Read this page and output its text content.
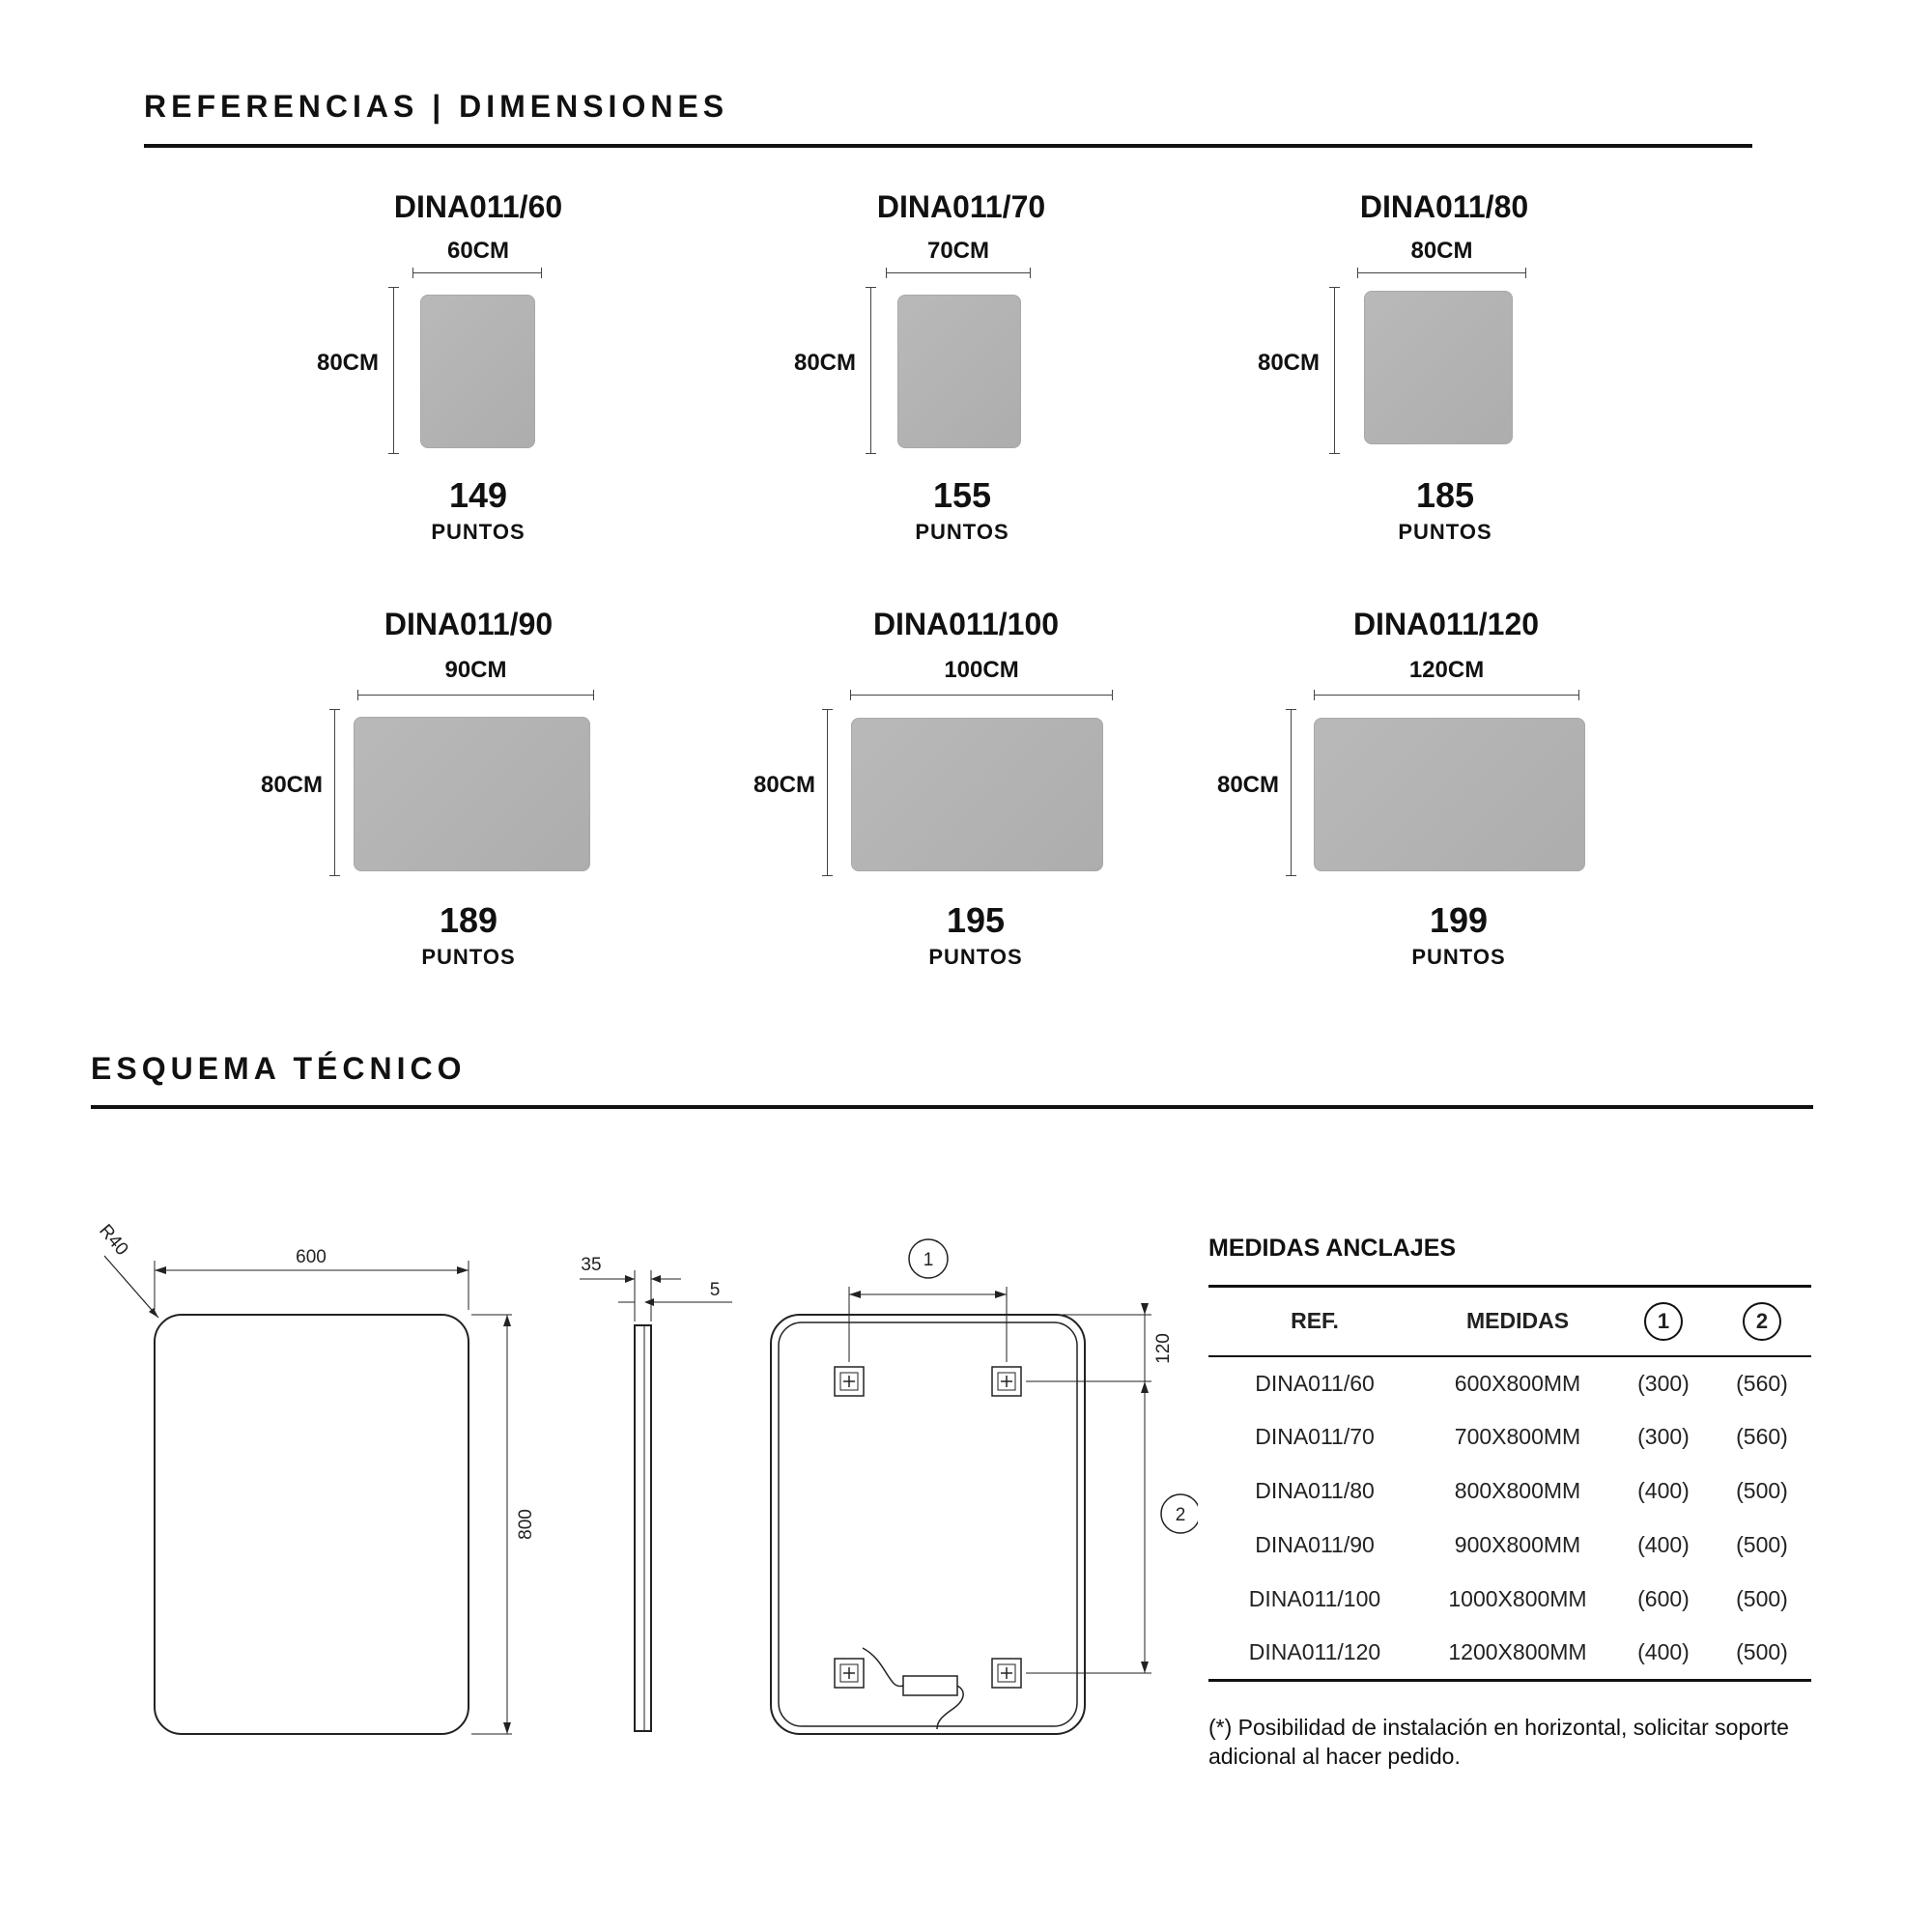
REFERENCIAS | DIMENSIONES
DINA011/60
60CM
80CM
149
PUNTOS
DINA011/70
70CM
80CM
155
PUNTOS
DINA011/80
80CM
80CM
185
PUNTOS
DINA011/90
90CM
80CM
189
PUNTOS
DINA011/100
100CM
80CM
195
PUNTOS
DINA011/120
120CM
80CM
199
PUNTOS
ESQUEMA TÉCNICO
600
800
R40
35
5
1
120
2
MEDIDAS ANCLAJES
REF.	MEDIDAS	1	2
DINA011/60	600X800MM	(300)	(560)
DINA011/70	700X800MM	(300)	(560)
DINA011/80	800X800MM	(400)	(500)
DINA011/90	900X800MM	(400)	(500)
DINA011/100	1000X800MM	(600)	(500)
DINA011/120	1200X800MM	(400)	(500)
(*) Posibilidad de instalación en horizontal, solicitar soporte adicional al hacer pedido.
